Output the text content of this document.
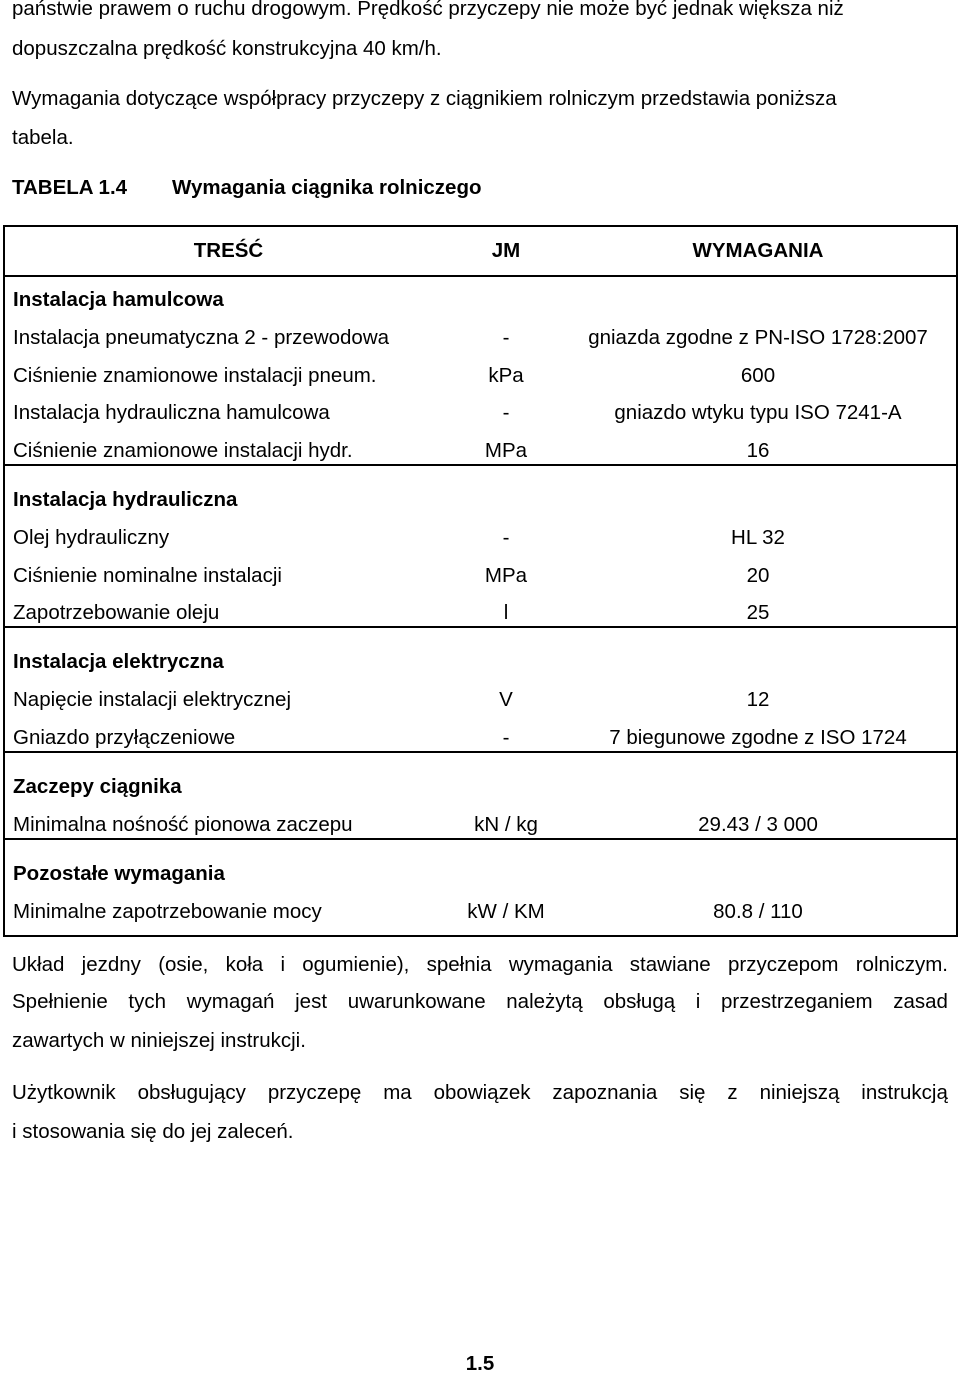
państwie prawem o ruchu drogowym. Prędkość przyczepy nie może być jednak większa niż
dopuszczalna prędkość konstrukcyjna 40 km/h.
Wymagania dotyczące współpracy przyczepy z ciągnikiem rolniczym przedstawia poniższa
tabela.
TABELA 1.4 Wymagania ciągnika rolniczego
TREŚĆ	JM	WYMAGANIA
Instalacja hamulcowa
Instalacja pneumatyczna 2 - przewodowa	-	gniazda zgodne z PN-ISO 1728:2007
Ciśnienie znamionowe instalacji pneum.	kPa	600
Instalacja hydrauliczna hamulcowa	-	gniazdo wtyku typu ISO 7241-A
Ciśnienie znamionowe instalacji hydr.	MPa	16
Instalacja hydrauliczna
Olej hydrauliczny	-	HL 32
Ciśnienie nominalne instalacji	MPa	20
Zapotrzebowanie oleju	l	25
Instalacja elektryczna
Napięcie instalacji elektrycznej	V	12
Gniazdo przyłączeniowe	-	7 biegunowe zgodne z ISO 1724
Zaczepy ciągnika
Minimalna nośność pionowa zaczepu	kN / kg	29.43 / 3 000
Pozostałe wymagania
Minimalne zapotrzebowanie mocy	kW / KM	80.8 / 110
Układ jezdny (osie, koła i ogumienie), spełnia wymagania stawiane przyczepom rolniczym.
Spełnienie tych wymagań jest uwarunkowane należytą obsługą i przestrzeganiem zasad
zawartych w niniejszej instrukcji.
Użytkownik obsługujący przyczepę ma obowiązek zapoznania się z niniejszą instrukcją
i stosowania się do jej zaleceń.
1.5
